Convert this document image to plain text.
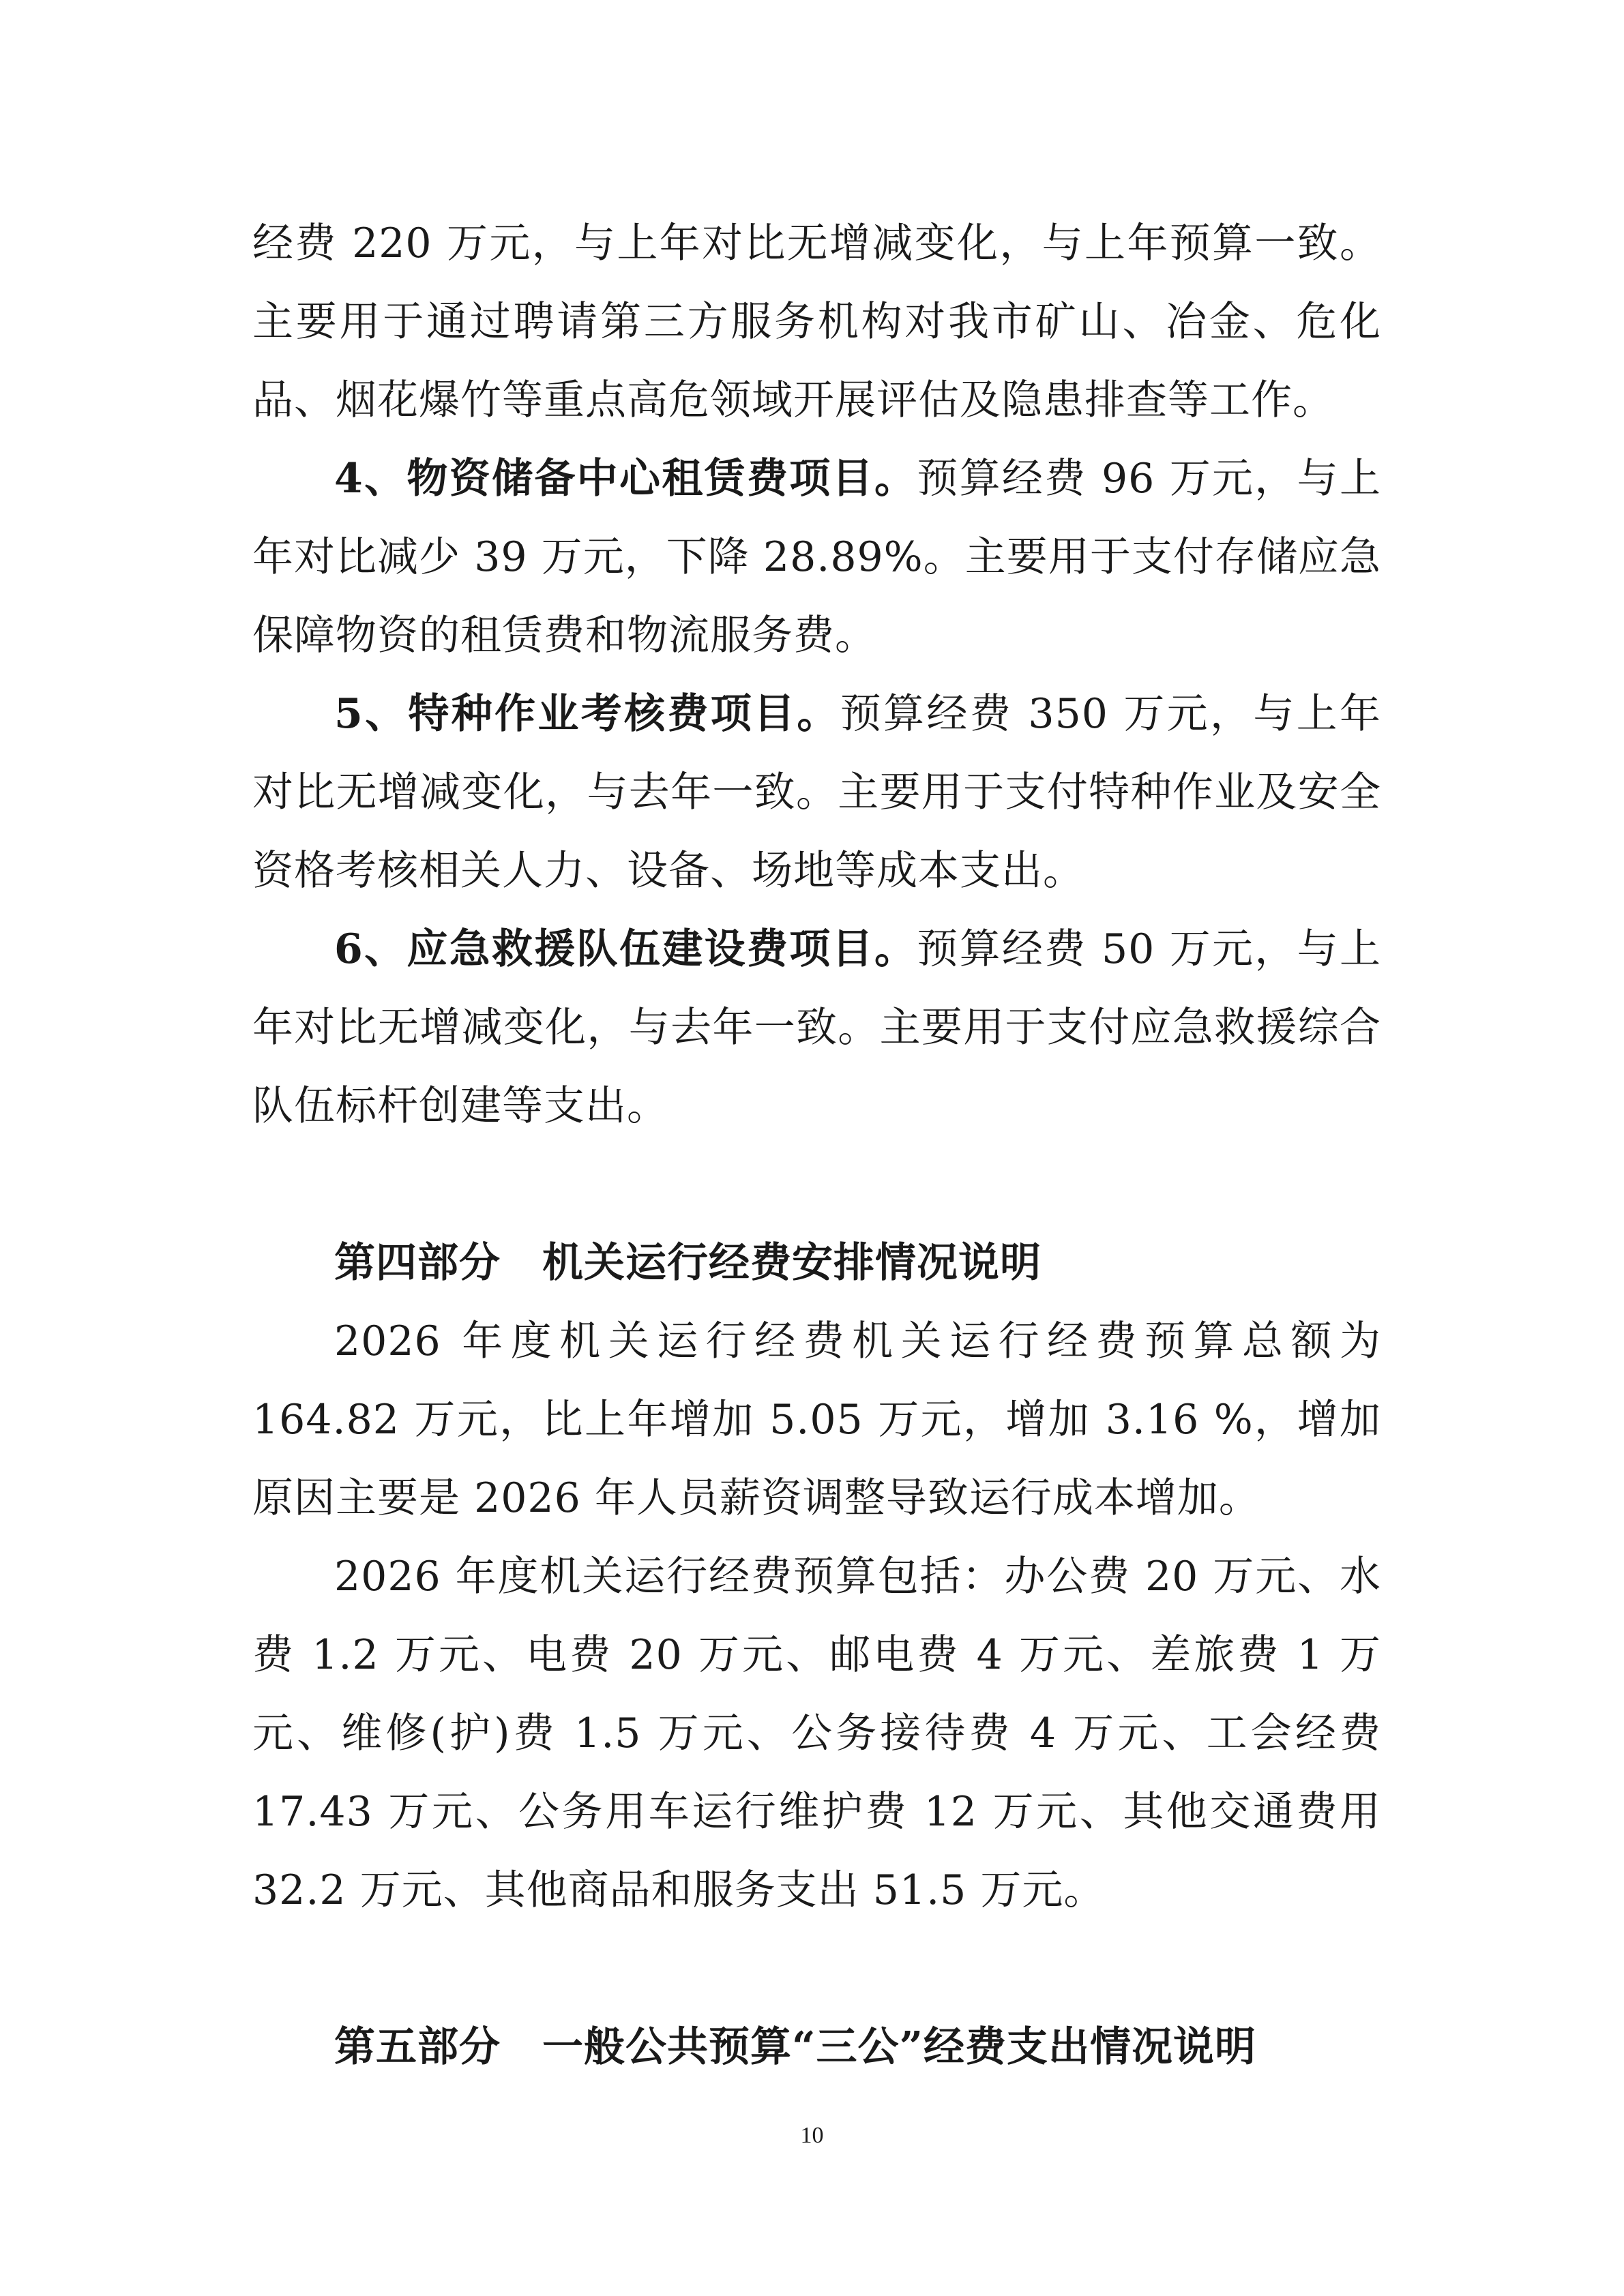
经费 220 万元，与上年对比无增减变化，与上年预算一致。主要用于通过聘请第三方服务机构对我市矿山、冶金、危化品、烟花爆竹等重点高危领域开展评估及隐患排查等工作。

4、物资储备中心租赁费项目。预算经费 96 万元，与上年对比减少 39 万元，下降 28.89%。主要用于支付存储应急保障物资的租赁费和物流服务费。

5、特种作业考核费项目。预算经费 350 万元，与上年对比无增减变化，与去年一致。主要用于支付特种作业及安全资格考核相关人力、设备、场地等成本支出。

6、应急救援队伍建设费项目。预算经费 50 万元，与上年对比无增减变化，与去年一致。主要用于支付应急救援综合队伍标杆创建等支出。

第四部分　机关运行经费安排情况说明

2026 年度机关运行经费机关运行经费预算总额为 164.82 万元，比上年增加 5.05 万元，增加 3.16 %，增加原因主要是 2026 年人员薪资调整导致运行成本增加。

2026 年度机关运行经费预算包括：办公费 20 万元、水费 1.2 万元、电费 20 万元、邮电费 4 万元、差旅费 1 万元、维修(护)费 1.5 万元、公务接待费 4 万元、工会经费 17.43 万元、公务用车运行维护费 12 万元、其他交通费用 32.2 万元、其他商品和服务支出 51.5 万元。

第五部分　一般公共预算“三公”经费支出情况说明
10
